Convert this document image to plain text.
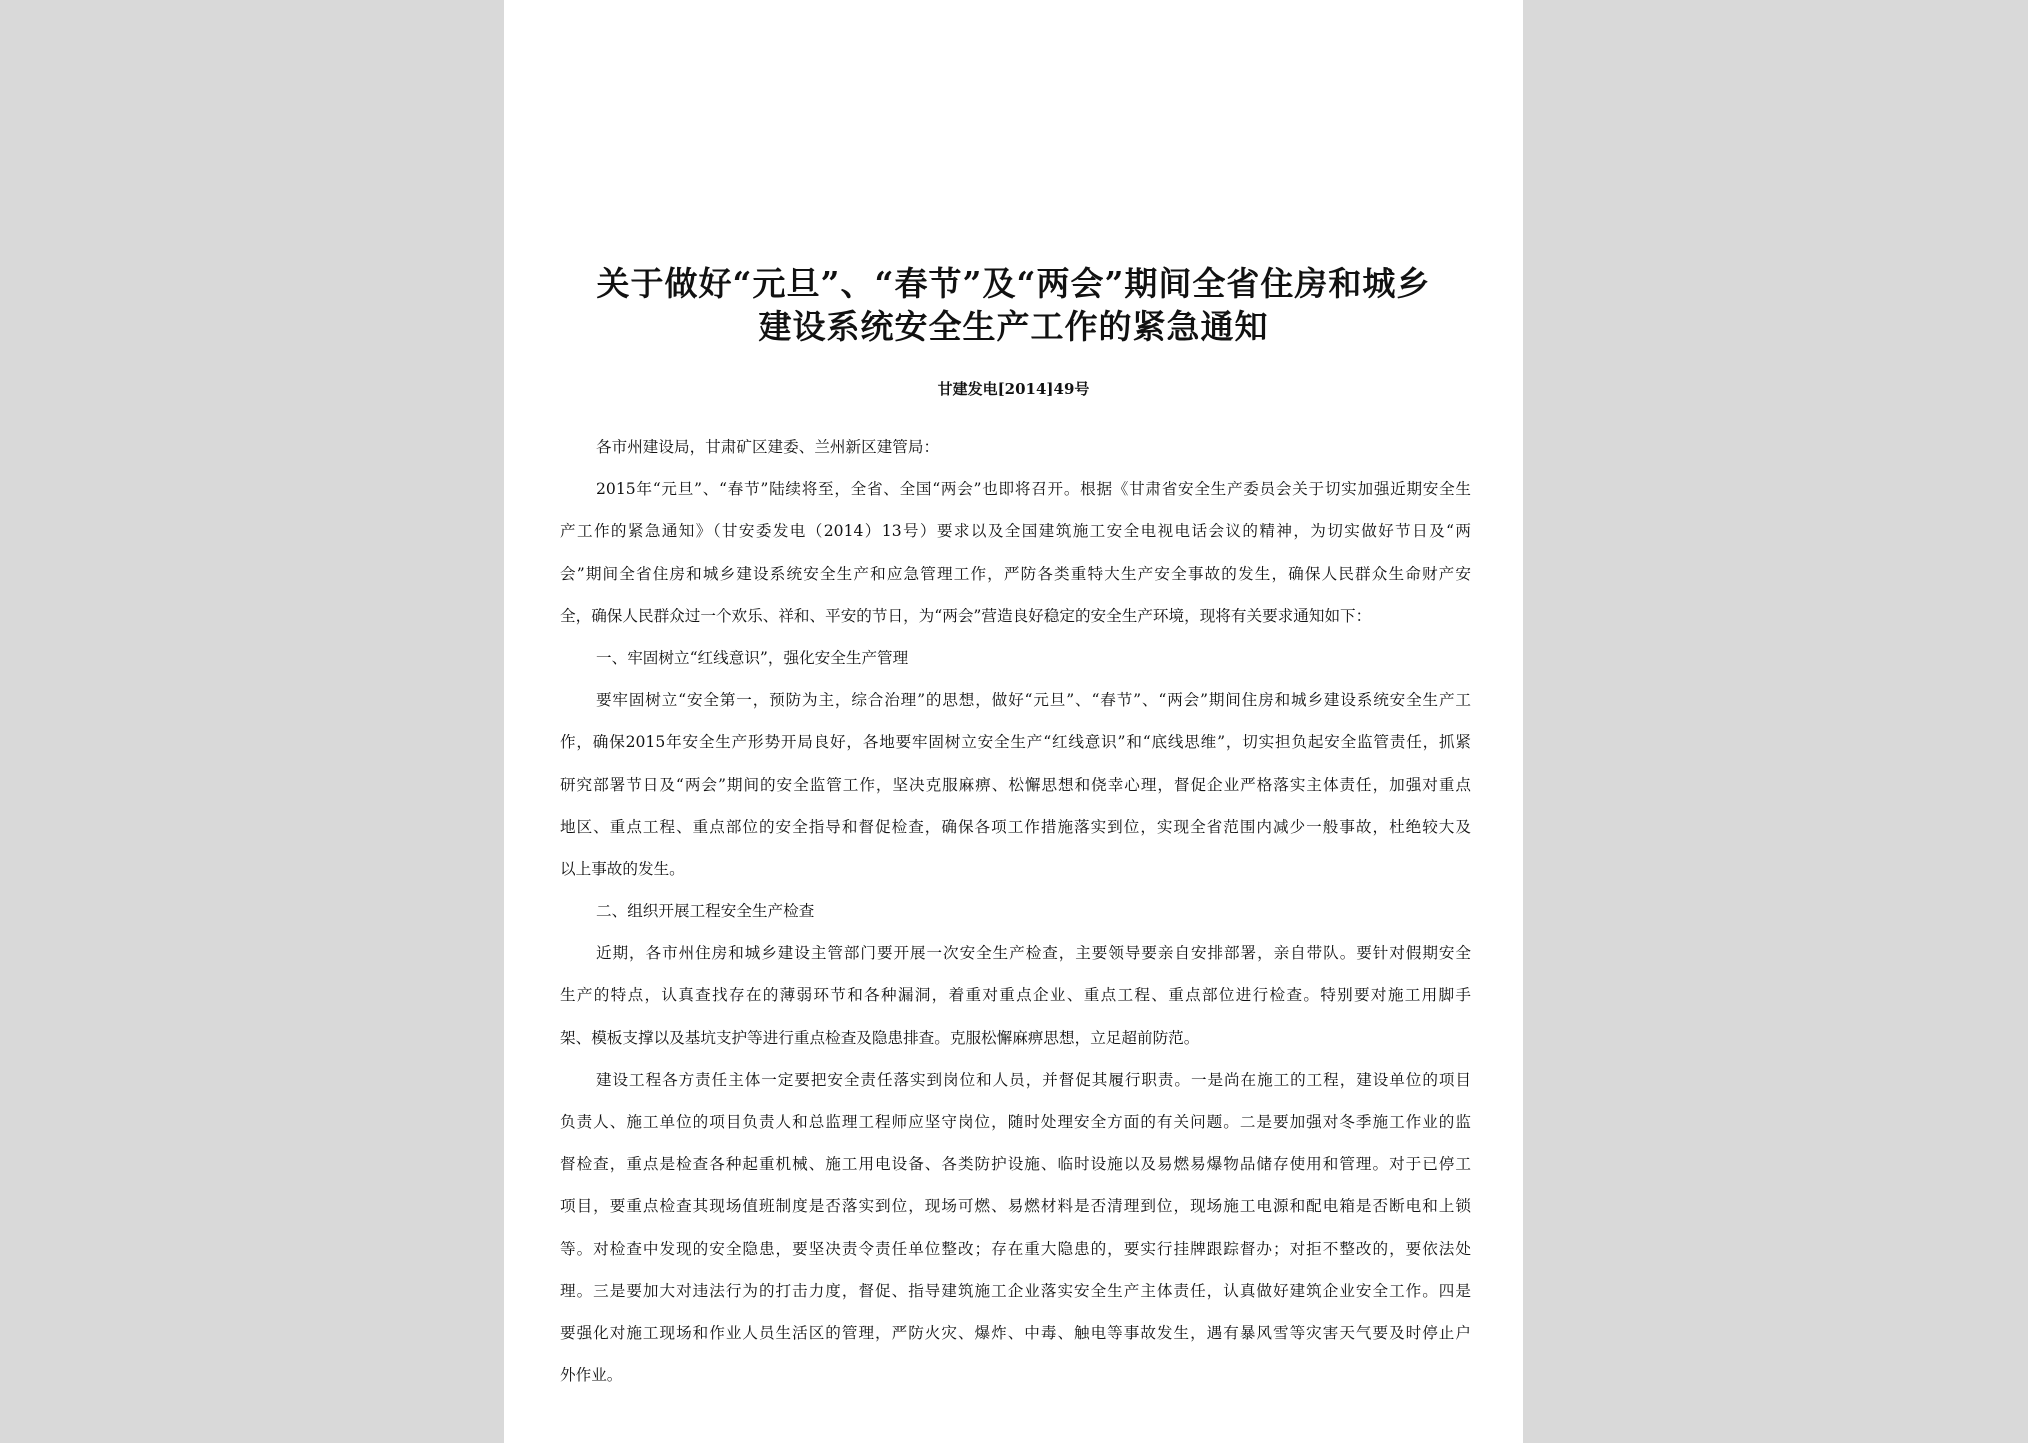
关于做好“元旦”、“春节”及“两会”期间全省住房和城乡
建设系统安全生产工作的紧急通知
甘建发电[2014]49号
各市州建设局，甘肃矿区建委、兰州新区建管局：
2015年“元旦”、“春节”陆续将至，全省、全国“两会”也即将召开。根据《甘肃省安全生产委员会关于切实加强近期安全生
产工作的紧急通知》（甘安委发电（2014）13号）要求以及全国建筑施工安全电视电话会议的精神，为切实做好节日及“两
会”期间全省住房和城乡建设系统安全生产和应急管理工作，严防各类重特大生产安全事故的发生，确保人民群众生命财产安
全，确保人民群众过一个欢乐、祥和、平安的节日，为“两会”营造良好稳定的安全生产环境，现将有关要求通知如下：
一、牢固树立“红线意识”，强化安全生产管理
要牢固树立“安全第一，预防为主，综合治理”的思想，做好“元旦”、“春节”、“两会”期间住房和城乡建设系统安全生产工
作，确保2015年安全生产形势开局良好，各地要牢固树立安全生产“红线意识”和“底线思维”，切实担负起安全监管责任，抓紧
研究部署节日及“两会”期间的安全监管工作，坚决克服麻痹、松懈思想和侥幸心理，督促企业严格落实主体责任，加强对重点
地区、重点工程、重点部位的安全指导和督促检查，确保各项工作措施落实到位，实现全省范围内减少一般事故，杜绝较大及
以上事故的发生。
二、组织开展工程安全生产检查
近期，各市州住房和城乡建设主管部门要开展一次安全生产检查，主要领导要亲自安排部署，亲自带队。要针对假期安全
生产的特点，认真查找存在的薄弱环节和各种漏洞，着重对重点企业、重点工程、重点部位进行检查。特别要对施工用脚手
架、模板支撑以及基坑支护等进行重点检查及隐患排查。克服松懈麻痹思想，立足超前防范。
建设工程各方责任主体一定要把安全责任落实到岗位和人员，并督促其履行职责。一是尚在施工的工程，建设单位的项目
负责人、施工单位的项目负责人和总监理工程师应坚守岗位，随时处理安全方面的有关问题。二是要加强对冬季施工作业的监
督检查，重点是检查各种起重机械、施工用电设备、各类防护设施、临时设施以及易燃易爆物品储存使用和管理。对于已停工
项目，要重点检查其现场值班制度是否落实到位，现场可燃、易燃材料是否清理到位，现场施工电源和配电箱是否断电和上锁
等。对检查中发现的安全隐患，要坚决责令责任单位整改；存在重大隐患的，要实行挂牌跟踪督办；对拒不整改的，要依法处
理。三是要加大对违法行为的打击力度，督促、指导建筑施工企业落实安全生产主体责任，认真做好建筑企业安全工作。四是
要强化对施工现场和作业人员生活区的管理，严防火灾、爆炸、中毒、触电等事故发生，遇有暴风雪等灾害天气要及时停止户
外作业。
